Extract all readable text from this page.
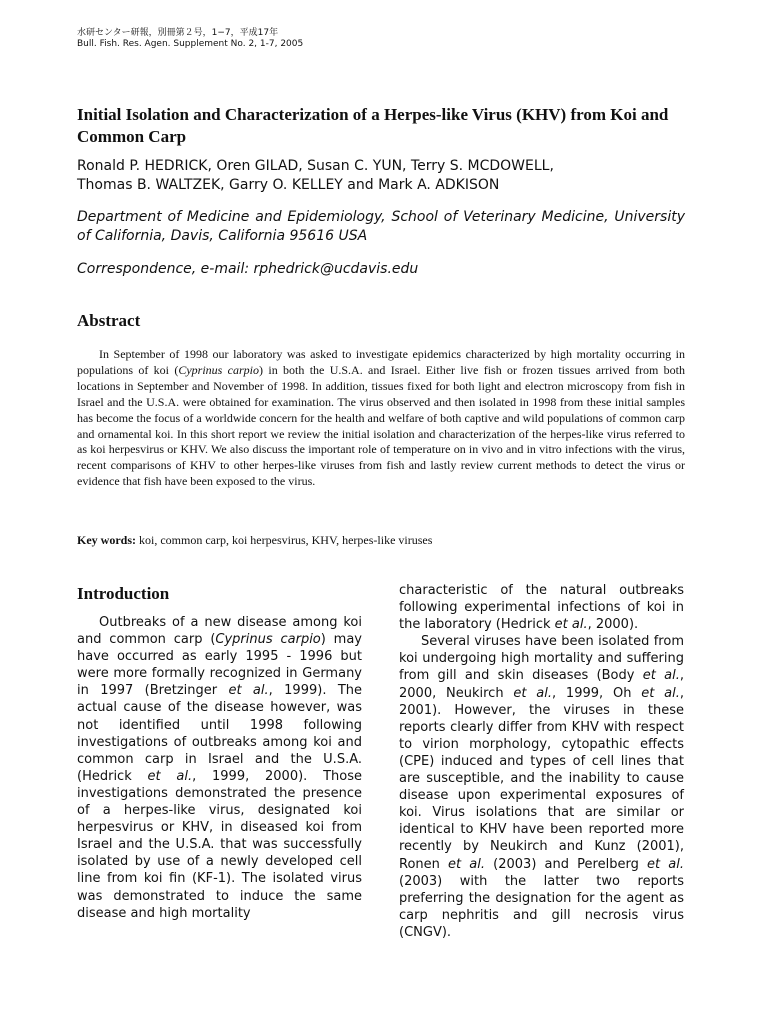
水研センター研報，別冊第２号，1−7，平成17年
Bull. Fish. Res. Agen. Supplement No. 2, 1-7, 2005
Initial Isolation and Characterization of a Herpes-like Virus (KHV) from Koi and Common Carp
Ronald P. HEDRICK, Oren GILAD, Susan C. YUN, Terry S. MCDOWELL,
Thomas B. WALTZEK, Garry O. KELLEY and Mark A. ADKISON
Department of Medicine and Epidemiology, School of Veterinary Medicine, University of California, Davis, California 95616 USA
Correspondence, e-mail: rphedrick@ucdavis.edu
Abstract
In September of 1998 our laboratory was asked to investigate epidemics characterized by high mortality occurring in populations of koi (Cyprinus carpio) in both the U.S.A. and Israel. Either live fish or frozen tissues arrived from both locations in September and November of 1998. In addition, tissues fixed for both light and electron microscopy from fish in Israel and the U.S.A. were obtained for examination. The virus observed and then isolated in 1998 from these initial samples has become the focus of a worldwide concern for the health and welfare of both captive and wild populations of common carp and ornamental koi. In this short report we review the initial isolation and characterization of the herpes-like virus referred to as koi herpesvirus or KHV. We also discuss the important role of temperature on in vivo and in vitro infections with the virus, recent comparisons of KHV to other herpes-like viruses from fish and lastly review current methods to detect the virus or evidence that fish have been exposed to the virus.
Key words: koi, common carp, koi herpesvirus, KHV, herpes-like viruses
Introduction

Outbreaks of a new disease among koi and common carp (Cyprinus carpio) may have occurred as early 1995 - 1996 but were more formally recognized in Germany in 1997 (Bretzinger et al., 1999). The actual cause of the disease however, was not identified until 1998 following investigations of outbreaks among koi and common carp in Israel and the U.S.A. (Hedrick et al., 1999, 2000). Those investigations demonstrated the presence of a herpes-like virus, designated koi herpesvirus or KHV, in diseased koi from Israel and the U.S.A. that was successfully isolated by use of a newly developed cell line from koi fin (KF-1). The isolated virus was demonstrated to induce the same disease and high mortality

characteristic of the natural outbreaks following experimental infections of koi in the laboratory (Hedrick et al., 2000).

Several viruses have been isolated from koi undergoing high mortality and suffering from gill and skin diseases (Body et al., 2000, Neukirch et al., 1999, Oh et al., 2001). However, the viruses in these reports clearly differ from KHV with respect to virion morphology, cytopathic effects (CPE) induced and types of cell lines that are susceptible, and the inability to cause disease upon experimental exposures of koi. Virus isolations that are similar or identical to KHV have been reported more recently by Neukirch and Kunz (2001), Ronen et al. (2003) and Perelberg et al. (2003) with the latter two reports preferring the designation for the agent as carp nephritis and gill necrosis virus (CNGV).
